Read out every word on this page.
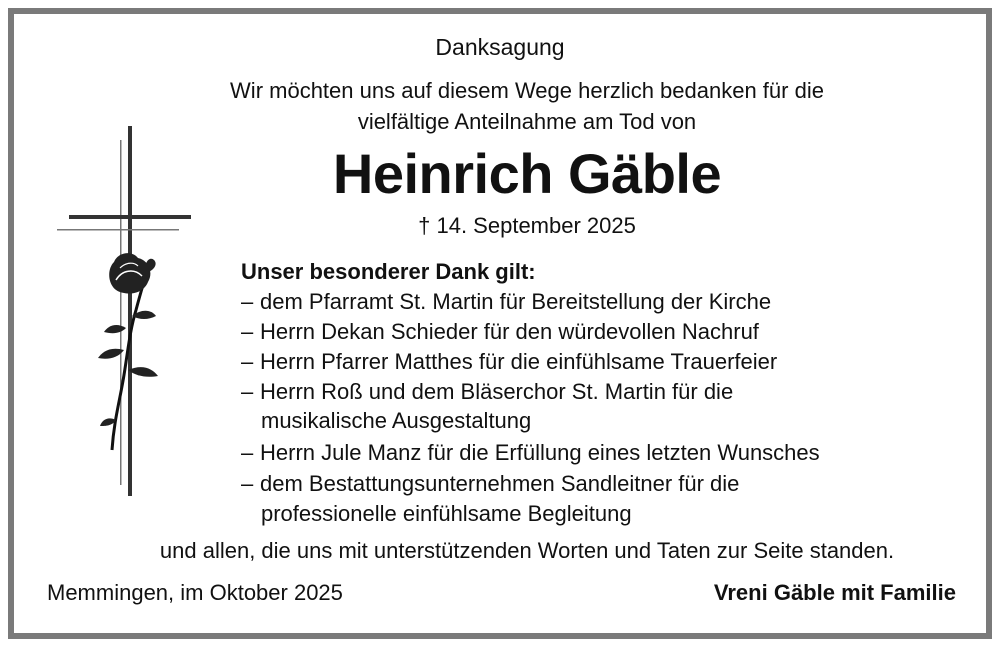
Danksagung
Wir möchten uns auf diesem Wege herzlich bedanken für die
vielfältige Anteilnahme am Tod von
Heinrich Gäble
† 14. September 2025
Unser besonderer Dank gilt:
– dem Pfarramt St. Martin für Bereitstellung der Kirche
– Herrn Dekan Schieder für den würdevollen Nachruf
– Herrn Pfarrer Matthes für die einfühlsame Trauerfeier
– Herrn Roß und dem Bläserchor St. Martin für die
musikalische Ausgestaltung
– Herrn Jule Manz für die Erfüllung eines letzten Wunsches
– dem Bestattungsunternehmen Sandleitner für die
professionelle einfühlsame Begleitung
und allen, die uns mit unterstützenden Worten und Taten zur Seite standen.
Memmingen, im Oktober 2025	Vreni Gäble mit Familie
